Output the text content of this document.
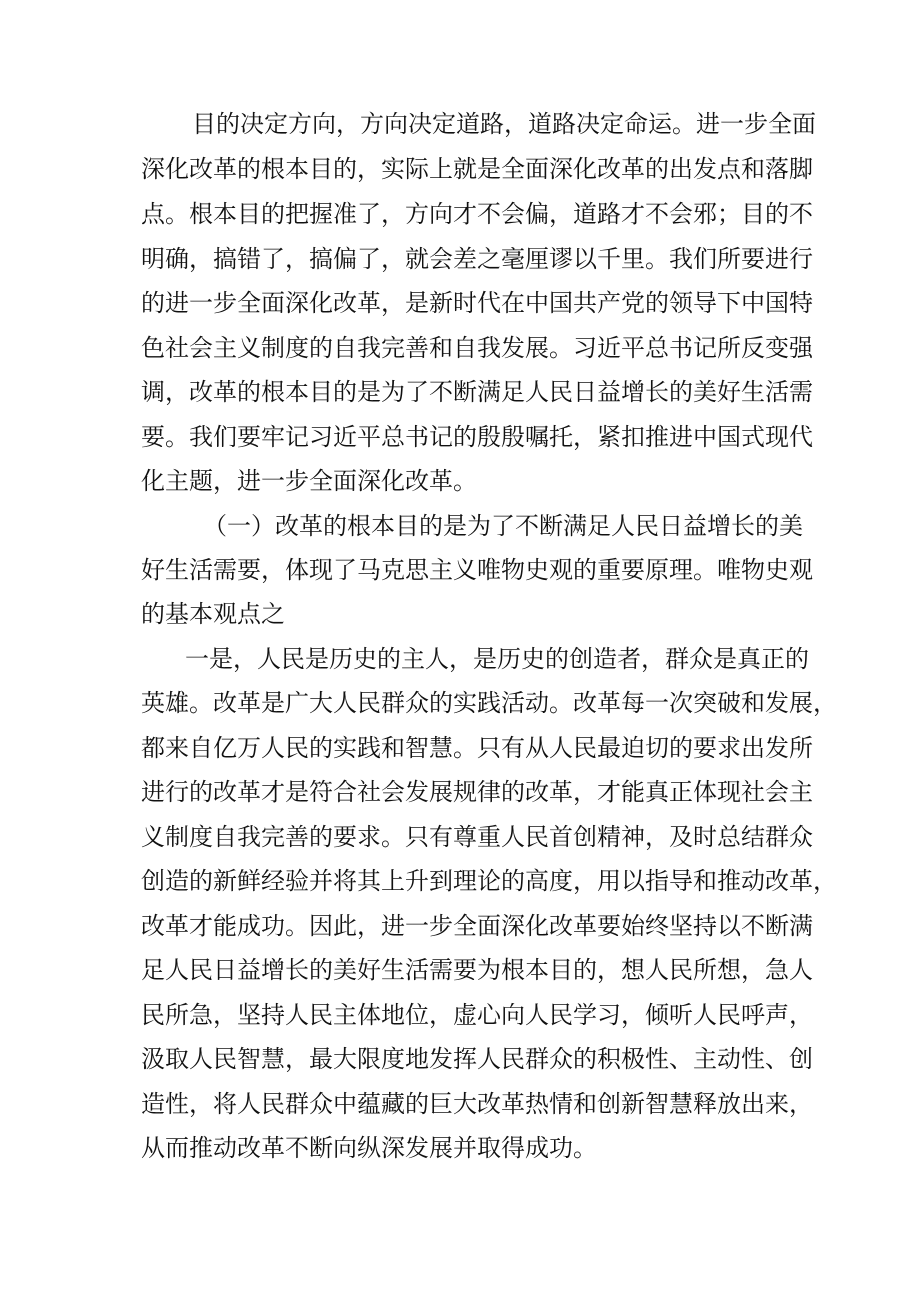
目的决定方向，方向决定道路，道路决定命运。进一步全面
深化改革的根本目的，实际上就是全面深化改革的出发点和落脚
点。根本目的把握准了，方向才不会偏，道路才不会邪；目的不
明确，搞错了，搞偏了，就会差之毫厘谬以千里。我们所要进行
的进一步全面深化改革，是新时代在中国共产党的领导下中国特
色社会主义制度的自我完善和自我发展。习近平总书记所反变强
调，改革的根本目的是为了不断满足人民日益增长的美好生活需
要。我们要牢记习近平总书记的殷殷嘱托，紧扣推进中国式现代
化主题，进一步全面深化改革。
（一）改革的根本目的是为了不断满足人民日益增长的美
好生活需要，体现了马克思主义唯物史观的重要原理。唯物史观
的基本观点之
一是，人民是历史的主人，是历史的创造者，群众是真正的
英雄。改革是广大人民群众的实践活动。改革每一次突破和发展，
都来自亿万人民的实践和智慧。只有从人民最迫切的要求出发所
进行的改革才是符合社会发展规律的改革，才能真正体现社会主
义制度自我完善的要求。只有尊重人民首创精神，及时总结群众
创造的新鲜经验并将其上升到理论的高度，用以指导和推动改革，
改革才能成功。因此，进一步全面深化改革要始终坚持以不断满
足人民日益增长的美好生活需要为根本目的，想人民所想，急人
民所急，坚持人民主体地位，虚心向人民学习，倾听人民呼声，
汲取人民智慧，最大限度地发挥人民群众的积极性、主动性、创
造性，将人民群众中蕴藏的巨大改革热情和创新智慧释放出来，
从而推动改革不断向纵深发展并取得成功。
